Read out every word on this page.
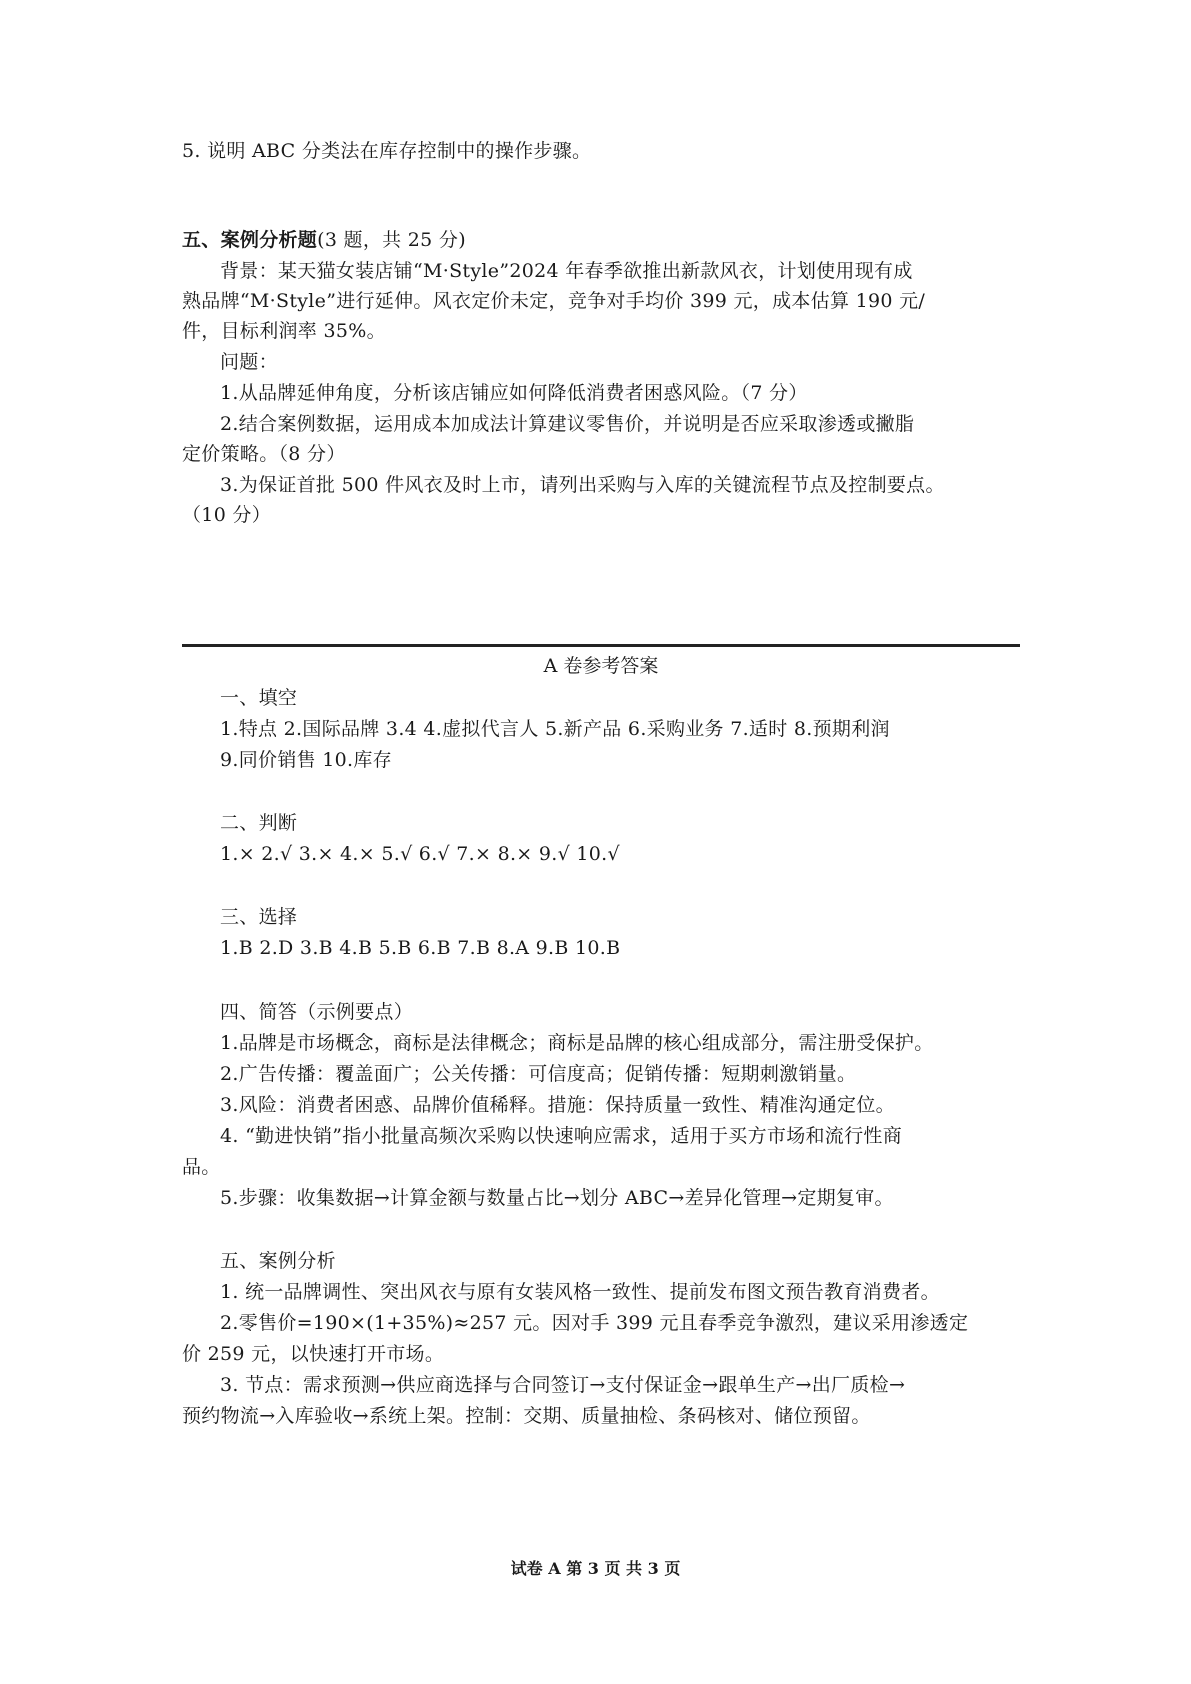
5. 说明 ABC 分类法在库存控制中的操作步骤。
五、案例分析题(3 题，共 25 分)
背景：某天猫女装店铺“M·Style”2024 年春季欲推出新款风衣，计划使用现有成
熟品牌“M·Style”进行延伸。风衣定价未定，竞争对手均价 399 元，成本估算 190 元/
件，目标利润率 35%。
问题：
1.从品牌延伸角度，分析该店铺应如何降低消费者困惑风险。（7 分）
2.结合案例数据，运用成本加成法计算建议零售价，并说明是否应采取渗透或撇脂
定价策略。（8 分）
3.为保证首批 500 件风衣及时上市，请列出采购与入库的关键流程节点及控制要点。
（10 分）
A 卷参考答案
一、填空
1.特点 2.国际品牌 3.4 4.虚拟代言人 5.新产品 6.采购业务 7.适时 8.预期利润
9.同价销售 10.库存
二、判断
1.× 2.√ 3.× 4.× 5.√ 6.√ 7.× 8.× 9.√ 10.√
三、选择
1.B 2.D 3.B 4.B 5.B 6.B 7.B 8.A 9.B 10.B
四、简答（示例要点）
1.品牌是市场概念，商标是法律概念；商标是品牌的核心组成部分，需注册受保护。
2.广告传播：覆盖面广；公关传播：可信度高；促销传播：短期刺激销量。
3.风险：消费者困惑、品牌价值稀释。措施：保持质量一致性、精准沟通定位。
4. “勤进快销”指小批量高频次采购以快速响应需求，适用于买方市场和流行性商
品。
5.步骤：收集数据→计算金额与数量占比→划分 ABC→差异化管理→定期复审。
五、案例分析
1. 统一品牌调性、突出风衣与原有女装风格一致性、提前发布图文预告教育消费者。
2.零售价=190×(1+35%)≈257 元。因对手 399 元且春季竞争激烈，建议采用渗透定
价 259 元，以快速打开市场。
3. 节点：需求预测→供应商选择与合同签订→支付保证金→跟单生产→出厂质检→
预约物流→入库验收→系统上架。控制：交期、质量抽检、条码核对、储位预留。
试卷 A 第 3 页 共 3 页
